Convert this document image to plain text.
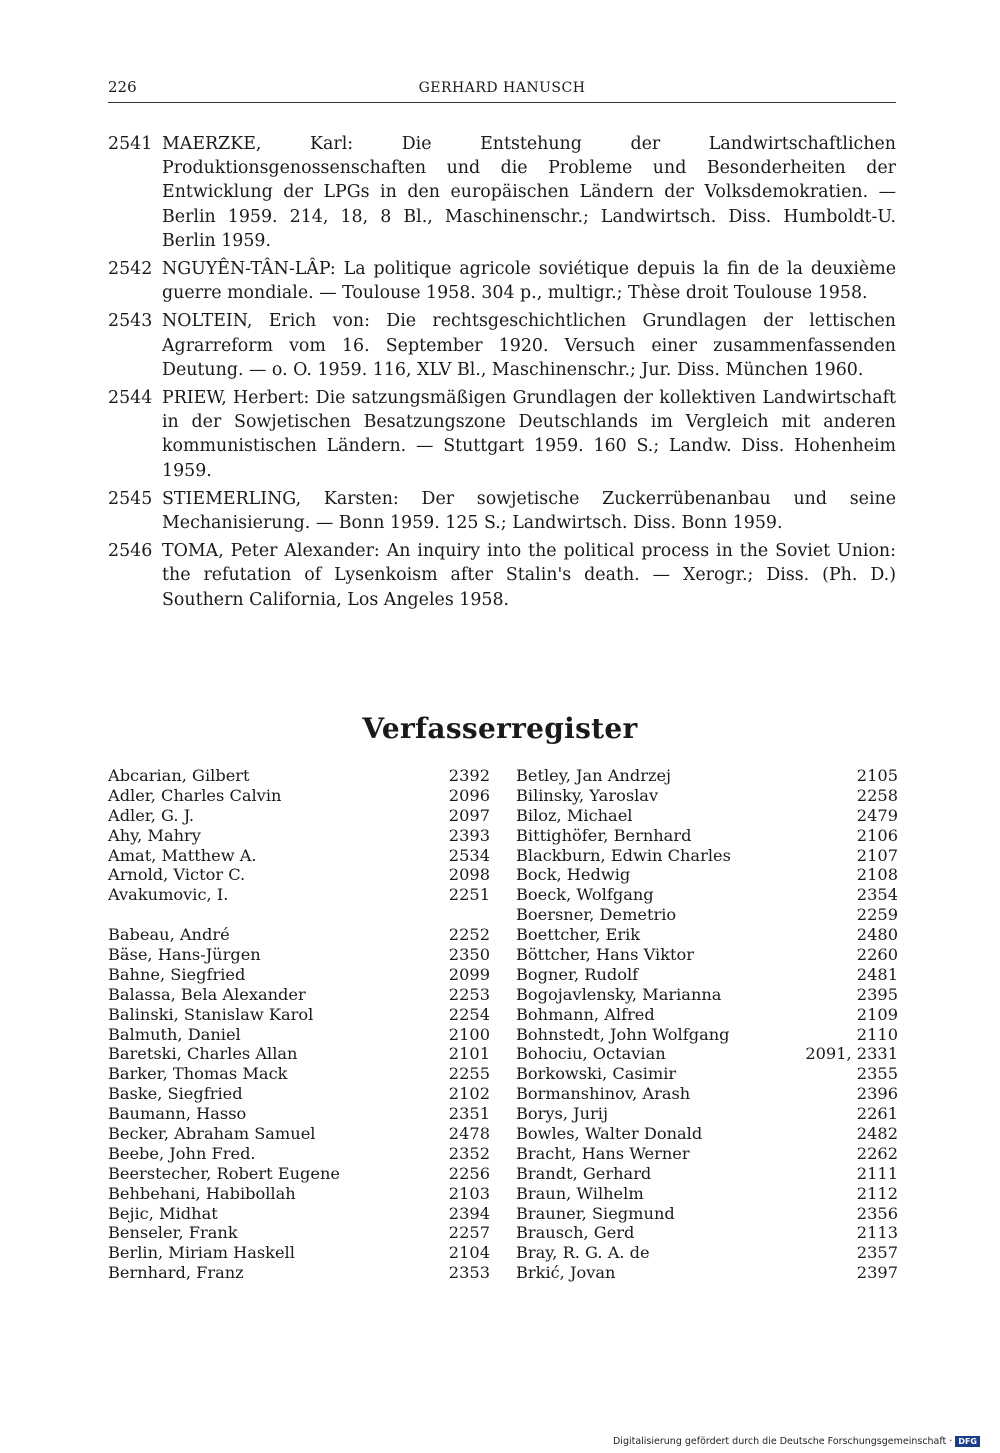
226	GERHARD HANUSCH
2541 MAERZKE, Karl: Die Entstehung der Landwirtschaftlichen Produktionsgenossenschaften und die Probleme und Besonderheiten der Entwicklung der LPGs in den europäischen Ländern der Volksdemokratien. — Berlin 1959. 214, 18, 8 Bl., Maschinenschr.; Landwirtsch. Diss. Humboldt-U. Berlin 1959.
2542 NGUYÊN-TÂN-LÂP: La politique agricole soviétique depuis la fin de la deuxième guerre mondiale. — Toulouse 1958. 304 p., multigr.; Thèse droit Toulouse 1958.
2543 NOLTEIN, Erich von: Die rechtsgeschichtlichen Grundlagen der lettischen Agrarreform vom 16. September 1920. Versuch einer zusammenfassenden Deutung. — o. O. 1959. 116, XLV Bl., Maschinenschr.; Jur. Diss. München 1960.
2544 PRIEW, Herbert: Die satzungsmäßigen Grundlagen der kollektiven Landwirtschaft in der Sowjetischen Besatzungszone Deutschlands im Vergleich mit anderen kommunistischen Ländern. — Stuttgart 1959. 160 S.; Landw. Diss. Hohenheim 1959.
2545 STIEMERLING, Karsten: Der sowjetische Zuckerrübenanbau und seine Mechanisierung. — Bonn 1959. 125 S.; Landwirtsch. Diss. Bonn 1959.
2546 TOMA, Peter Alexander: An inquiry into the political process in the Soviet Union: the refutation of Lysenkoism after Stalin's death. — Xerogr.; Diss. (Ph. D.) Southern California, Los Angeles 1958.
Verfasserregister
Abcarian, Gilbert	2392
Adler, Charles Calvin	2096
Adler, G. J.	2097
Ahy, Mahry	2393
Amat, Matthew A.	2534
Arnold, Victor C.	2098
Avakumovic, I.	2251
Babeau, André	2252
Bäse, Hans-Jürgen	2350
Bahne, Siegfried	2099
Balassa, Bela Alexander	2253
Balinski, Stanislaw Karol	2254
Balmuth, Daniel	2100
Baretski, Charles Allan	2101
Barker, Thomas Mack	2255
Baske, Siegfried	2102
Baumann, Hasso	2351
Becker, Abraham Samuel	2478
Beebe, John Fred.	2352
Beerstecher, Robert Eugene	2256
Behbehani, Habibollah	2103
Bejic, Midhat	2394
Benseler, Frank	2257
Berlin, Miriam Haskell	2104
Bernhard, Franz	2353
Betley, Jan Andrzej	2105
Bilinsky, Yaroslav	2258
Biloz, Michael	2479
Bittighöfer, Bernhard	2106
Blackburn, Edwin Charles	2107
Bock, Hedwig	2108
Boeck, Wolfgang	2354
Boersner, Demetrio	2259
Boettcher, Erik	2480
Böttcher, Hans Viktor	2260
Bogner, Rudolf	2481
Bogojavlensky, Marianna	2395
Bohmann, Alfred	2109
Bohnstedt, John Wolfgang	2110
Bohociu, Octavian	2091, 2331
Borkowski, Casimir	2355
Bormanshinov, Arash	2396
Borys, Jurij	2261
Bowles, Walter Donald	2482
Bracht, Hans Werner	2262
Brandt, Gerhard	2111
Braun, Wilhelm	2112
Brauner, Siegmund	2356
Brausch, Gerd	2113
Bray, R. G. A. de	2357
Brkić, Jovan	2397
Digitalisierung gefördert durch die Deutsche Forschungsgemeinschaft · DFG
